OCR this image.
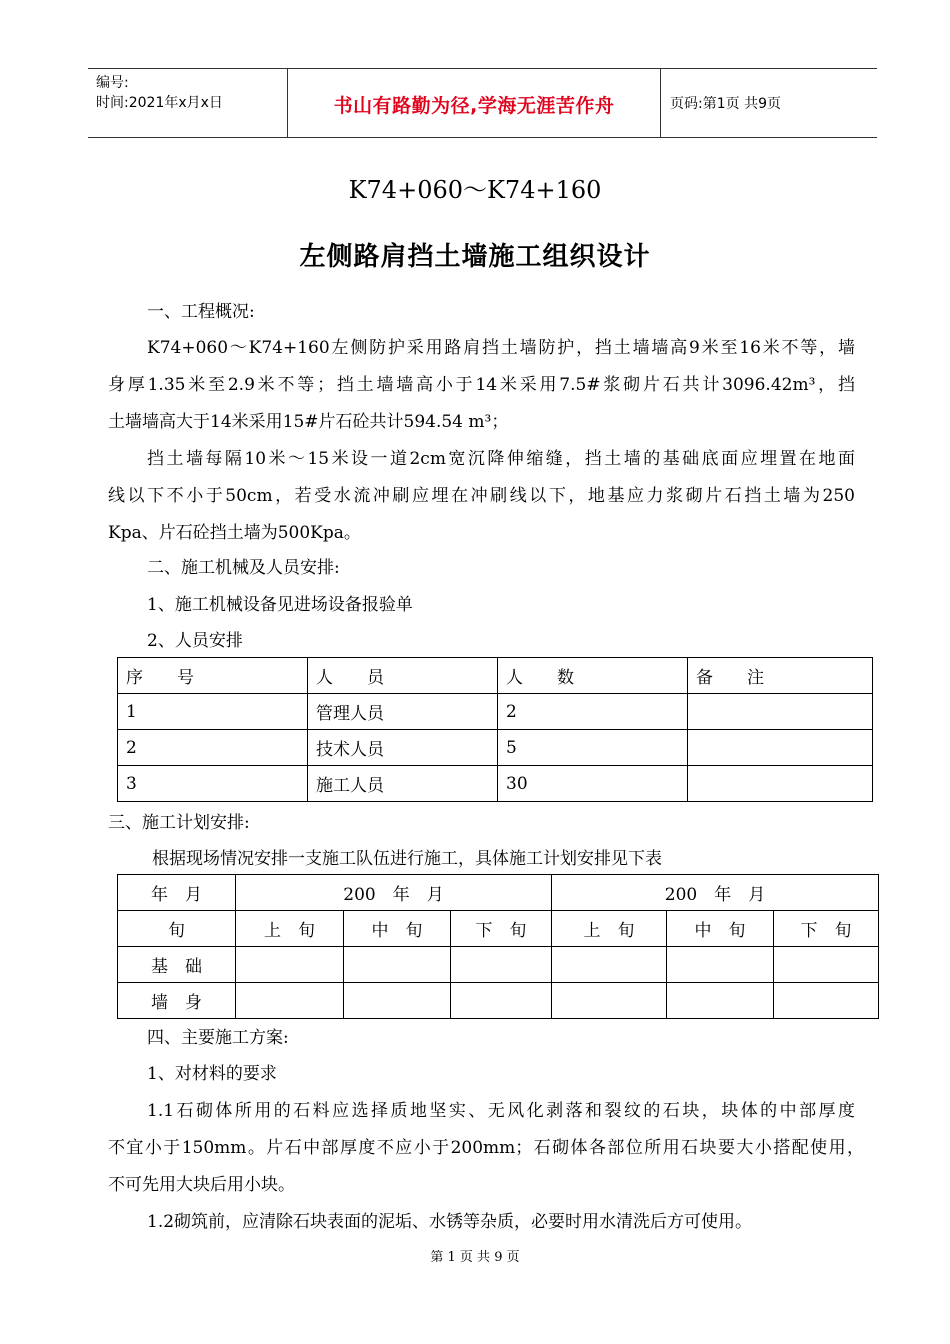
编号:
时间:2021年x月x日	书山有路勤为径,学海无涯苦作舟	页码:第1页 共9页
K74+060～K74+160
左侧路肩挡土墙施工组织设计
一、工程概况:
K74+060～K74+160左侧防护采用路肩挡土墙防护，挡土墙墙高9米至16米不等，墙
身厚1.35米至2.9米不等；挡土墙墙高小于14米采用7.5#浆砌片石共计3096.42m³，挡
土墙墙高大于14米采用15#片石砼共计594.54 m³；
挡土墙每隔10米～15米设一道2cm宽沉降伸缩缝，挡土墙的基础底面应埋置在地面
线以下不小于50cm，若受水流冲刷应埋在冲刷线以下，地基应力浆砌片石挡土墙为250
Kpa、片石砼挡土墙为500Kpa。
二、施工机械及人员安排:
1、施工机械设备见进场设备报验单
2、人员安排
序　　号	人　　员	人　　数	备　　注
1	管理人员	2	
2	技术人员	5	
3	施工人员	30	
三、施工计划安排:
根据现场情况安排一支施工队伍进行施工，具体施工计划安排见下表
年　月	200　年　月			200　年　月		
旬	上　旬	中　旬	下　旬	上　旬	中　旬	下　旬
基　础						
墙　身						
四、主要施工方案:
1、对材料的要求
1.1石砌体所用的石料应选择质地坚实、无风化剥落和裂纹的石块，块体的中部厚度
不宜小于150mm。片石中部厚度不应小于200mm；石砌体各部位所用石块要大小搭配使用，
不可先用大块后用小块。
1.2砌筑前，应清除石块表面的泥垢、水锈等杂质，必要时用水清洗后方可使用。
第 1 页 共 9 页
